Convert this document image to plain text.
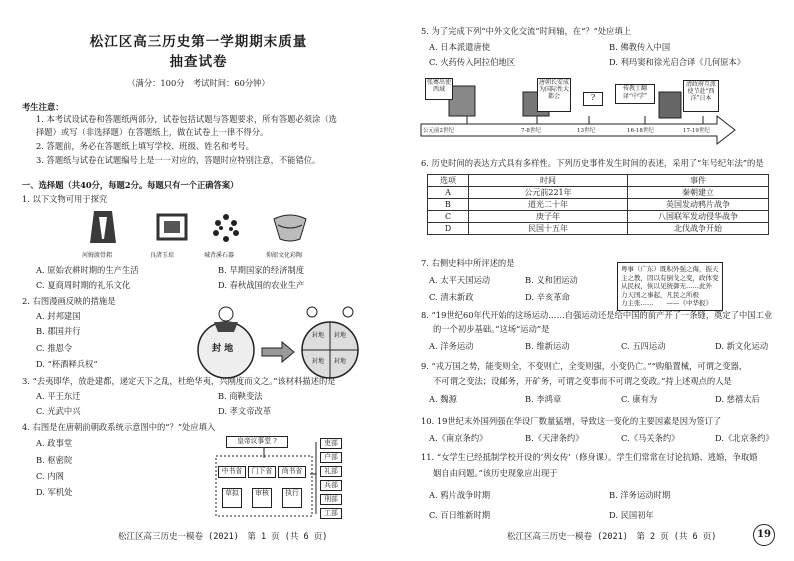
松江区高三历史第一学期期末质量
抽查试卷
（满分：100分　考试时间：60分钟）
考生注意：
1. 本考试设试卷和答题纸两部分，试卷包括试题与答题要求，所有答题必须涂（选
择题）或写（非选择题）在答题纸上，做在试卷上一律不得分。
2. 答题前，务必在答题纸上填写学校、班级、姓名和考号。
3. 答题纸与试卷在试题编号上是一一对应的，答题时应特别注意，不能错位。
一、选择题（共40分，每题2分。每题只有一个正确答案）
1. 以下文物可用于探究
河姆渡骨耜	良渚玉琮	城背溪石器	仰韶文化彩陶
A. 原始农耕时期的生产生活	B. 早期国家的经济制度
C. 夏商周时期的礼乐文化	D. 春秋战国的农业生产
2. 右图漫画反映的措施是
A. 封邦建国
B. 郡国并行
C. 推恩令
D. “杯酒释兵权”
封 地
封地 封地
封地 封地
3. “去夷即华，放赴建都，递定天下之乱，杜绝华夷，兴刚度而文之。”该材料描述的是
A. 平王东迁	B. 商鞅变法
C. 光武中兴	D. 孝文帝改革
4. 右图是在唐朝前朝政系统示意图中的“？”处应填入
A. 政事堂
B. 枢密院
C. 内阁
D. 军机处
皇帝议事堂 ?
中书省	门下省	尚书省
草拟	审核	执行
吏部
户部
礼部
兵部
刑部
工部
松江区高三历史一模卷 (2021)　第 1 页 (共 6 页)
5. 为了完成下列“中外文化交流”时间轴，在“？”处应填上
A. 日本派遣唐使	B. 佛教传入中国
C. 火药传入阿拉伯地区	D. 利玛窦和徐光启合译《几何原本》
张骞出使西域
唐朝长安成为国际性大都会	?
传教士翻译“中学”
清政府互派使节赴“西洋”日本
公元前2世纪	7-8世纪	13世纪	16-18世纪	17-19世纪
6. 历史时间的表达方式具有多样性。下列历史事件发生时间的表述，采用了“年号纪年法”的是
选项	时间	事件
A	公元前221年	秦朝建立
B	道光二十年	英国发动鸦片战争
C	庚子年	八国联军发动侵华战争
D	民国十五年	北伐战争开始
7. 右侧史料中所评述的是
A. 太平天国运动	B. 义和团运动
C. 清末新政	D. 辛亥革命
粤事（广东）既积外强之侮，振天
主之教，因以有倒戈之变，政体变
从民权，恢以见统御无……此外
力天国之事起，凡民之所极
力主张……　　——《中华报》
8. “19世纪60年代开始的这场运动……自强运动还是给中国的前产开了一条缝，奠定了中国工业
的一个初步基础。”这场“运动”是
A. 洋务运动	B. 维新运动	C. 五四运动	D. 新文化运动
9. “戎万国之势，能变则全，不变则亡，全变则强，小变仍亡。”“购船置械，可谓之变器，
不可谓之变法；设邮务，开矿务，可谓之变事而不可谓之变政。”持上述观点的人是
A. 魏源	B. 李鸿章	C. 康有为	D. 慈禧太后
10. 19世纪末外国列强在华设厂数量猛增，导致这一变化的主要因素是因为签订了
A.《南京条约》	B.《天津条约》	C.《马关条约》	D.《北京条约》
11. “女学生已经抵制学校开设的‘列女传’（修身课）。学生们常常在讨论抗婚、逃婚，争取婚
姻自由问题。”该历史现象应出现于
A. 鸦片战争时期	B. 洋务运动时期
C. 百日维新时期	D. 民国初年
松江区高三历史一模卷 (2021)　第 2 页 (共 6 页)	19
